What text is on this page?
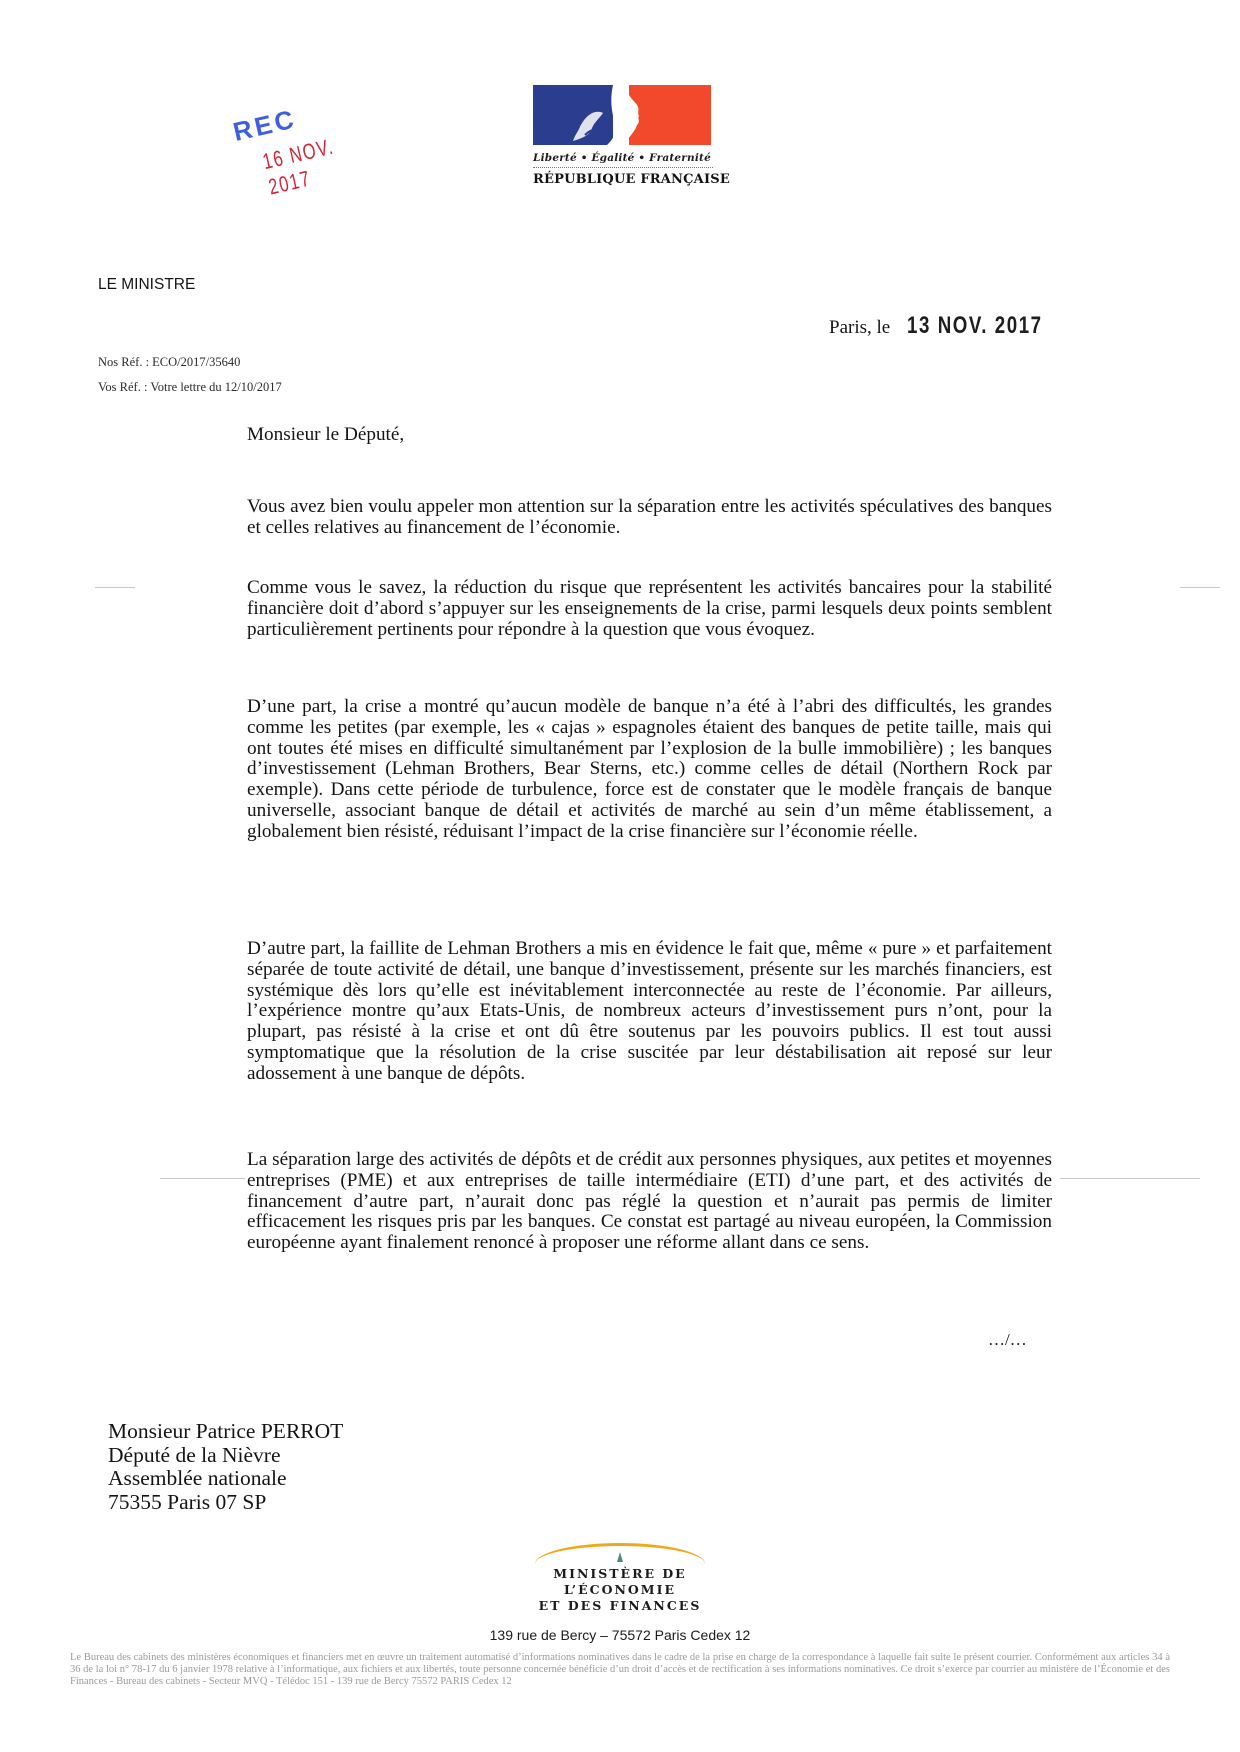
REC
16 NOV. 2017
Liberté • Égalité • Fraternité
RÉPUBLIQUE FRANÇAISE
LE MINISTRE
Nos Réf. : ECO/2017/35640
Vos Réf. : Votre lettre du 12/10/2017
Paris, le 13 NOV. 2017
Monsieur le Député,
Vous avez bien voulu appeler mon attention sur la séparation entre les activités spéculatives des banques et celles relatives au financement de l’économie.
Comme vous le savez, la réduction du risque que représentent les activités bancaires pour la stabilité financière doit d’abord s’appuyer sur les enseignements de la crise, parmi lesquels deux points semblent particulièrement pertinents pour répondre à la question que vous évoquez.
D’une part, la crise a montré qu’aucun modèle de banque n’a été à l’abri des difficultés, les grandes comme les petites (par exemple, les « cajas » espagnoles étaient des banques de petite taille, mais qui ont toutes été mises en difficulté simultanément par l’explosion de la bulle immobilière) ; les banques d’investissement (Lehman Brothers, Bear Sterns, etc.) comme celles de détail (Northern Rock par exemple). Dans cette période de turbulence, force est de constater que le modèle français de banque universelle, associant banque de détail et activités de marché au sein d’un même établissement, a globalement bien résisté, réduisant l’impact de la crise financière sur l’économie réelle.
D’autre part, la faillite de Lehman Brothers a mis en évidence le fait que, même « pure » et parfaitement séparée de toute activité de détail, une banque d’investissement, présente sur les marchés financiers, est systémique dès lors qu’elle est inévitablement interconnectée au reste de l’économie. Par ailleurs, l’expérience montre qu’aux Etats-Unis, de nombreux acteurs d’investissement purs n’ont, pour la plupart, pas résisté à la crise et ont dû être soutenus par les pouvoirs publics. Il est tout aussi symptomatique que la résolution de la crise suscitée par leur déstabilisation ait reposé sur leur adossement à une banque de dépôts.
La séparation large des activités de dépôts et de crédit aux personnes physiques, aux petites et moyennes entreprises (PME) et aux entreprises de taille intermédiaire (ETI) d’une part, et des activités de financement d’autre part, n’aurait donc pas réglé la question et n’aurait pas permis de limiter efficacement les risques pris par les banques. Ce constat est partagé au niveau européen, la Commission européenne ayant finalement renoncé à proposer une réforme allant dans ce sens.
…/…
Monsieur Patrice PERROT
Député de la Nièvre
Assemblée nationale
75355 Paris 07 SP
MINISTÈRE DE L’ÉCONOMIE
ET DES FINANCES
139 rue de Bercy – 75572 Paris Cedex 12
Le Bureau des cabinets des ministères économiques et financiers met en œuvre un traitement automatisé d’informations nominatives dans le cadre de la prise en charge de la correspondance à laquelle fait suite le présent courrier. Conformément aux articles 34 à 36 de la loi n° 78-17 du 6 janvier 1978 relative à l’informatique, aux fichiers et aux libertés, toute personne concernée bénéficie d’un droit d’accès et de rectification à ses informations nominatives. Ce droit s’exerce par courrier au ministère de l’Économie et des Finances - Bureau des cabinets - Secteur MVQ - Télédoc 151 - 139 rue de Bercy 75572 PARIS Cedex 12
